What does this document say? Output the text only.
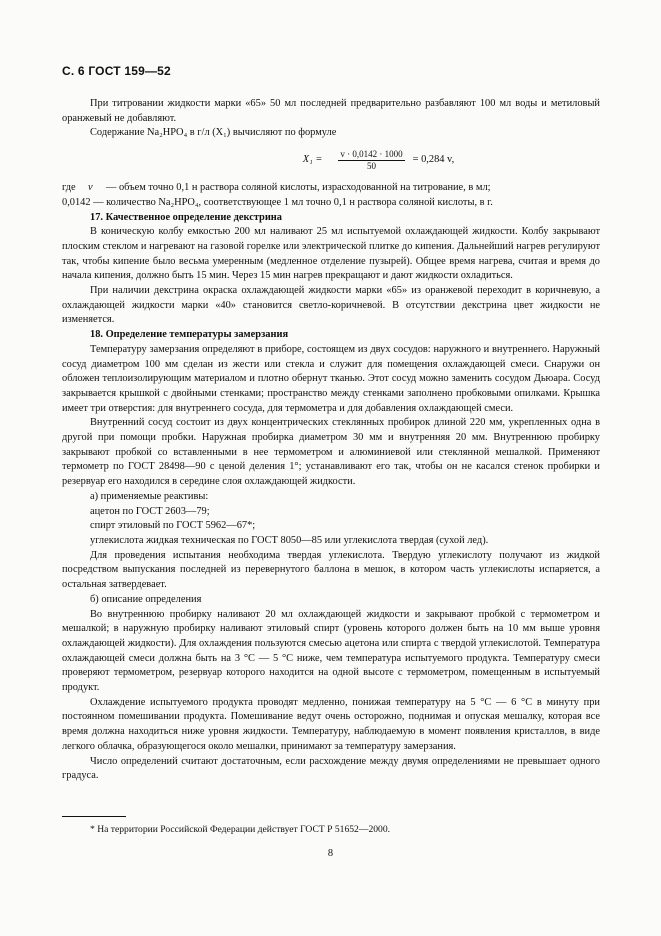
С. 6 ГОСТ 159—52

При титровании жидкости марки «65» 50 мл последней предварительно разбавляют 100 мл воды и метиловый оранжевый не добавляют.

Содержание Na₂HPO₄ в г/л (X₁) вычисляют по формуле

$X_1 = \frac{v \cdot 0,0142 \cdot 1000}{50} = 0,284$ v,
где	v	— объем точно 0,1 н раствора соляной кислоты, израсходованной на титрование, в мл;

0,0142 — количество Na₂HPO₄, соответствующее 1 мл точно 0,1 н раствора соляной кислоты, в г.

17. Качественное определение декстрина

В коническую колбу емкостью 200 мл наливают 25 мл испытуемой охлаждающей жидкости. Колбу закрывают плоским стеклом и нагревают на газовой горелке или электрической плитке до кипения. Дальнейший нагрев регулируют так, чтобы кипение было весьма умеренным (медленное отделение пузырей). Общее время нагрева, считая и время до начала кипения, должно быть 15 мин. Через 15 мин нагрев прекращают и дают жидкости охладиться.

При наличии декстрина окраска охлаждающей жидкости марки «65» из оранжевой переходит в коричневую, а охлаждающей жидкости марки «40» становится светло-коричневой. В отсутствии декстрина цвет жидкости не изменяется.

18. Определение температуры замерзания

Температуру замерзания определяют в приборе, состоящем из двух сосудов: наружного и внутреннего. Наружный сосуд диаметром 100 мм сделан из жести или стекла и служит для помещения охлаждающей смеси. Снаружи он обложен теплоизолирующим материалом и плотно обернут тканью. Этот сосуд можно заменить сосудом Дьюара. Сосуд закрывается крышкой с двойными стенками; пространство между стенками заполнено пробковыми опилками. Крышка имеет три отверстия: для внутреннего сосуда, для термометра и для добавления охлаждающей смеси.

Внутренний сосуд состоит из двух концентрических стеклянных пробирок длиной 220 мм, укрепленных одна в другой при помощи пробки. Наружная пробирка диаметром 30 мм и внутренняя 20 мм. Внутреннюю пробирку закрывают пробкой со вставленными в нее термометром и алюминиевой или стеклянной мешалкой. Применяют термометр по ГОСТ 28498—90 с ценой деления 1°; устанавливают его так, чтобы он не касался стенок пробирки и резервуар его находился в середине слоя охлаждающей жидкости.

а) применяемые реактивы:

ацетон по ГОСТ 2603—79;

спирт этиловый по ГОСТ 5962—67*;

углекислота жидкая техническая по ГОСТ 8050—85 или углекислота твердая (сухой лед).

Для проведения испытания необходима твердая углекислота. Твердую углекислоту получают из жидкой посредством выпускания последней из перевернутого баллона в мешок, в котором часть углекислоты испаряется, а остальная затвердевает.

б) описание определения

Во внутреннюю пробирку наливают 20 мл охлаждающей жидкости и закрывают пробкой с термометром и мешалкой; в наружную пробирку наливают этиловый спирт (уровень которого должен быть на 10 мм выше уровня охлаждающей жидкости). Для охлаждения пользуются смесью ацетона или спирта с твердой углекислотой. Температура охлаждающей смеси должна быть на 3 °С — 5 °С ниже, чем температура испытуемого продукта. Температуру смеси проверяют термометром, резервуар которого находится на одной высоте с термометром, помещенным в испытуемый продукт.

Охлаждение испытуемого продукта проводят медленно, понижая температуру на 5 °С — 6 °С в минуту при постоянном помешивании продукта. Помешивание ведут очень осторожно, поднимая и опуская мешалку, которая все время должна находиться ниже уровня жидкости. Температуру, наблюдаемую в момент появления кристаллов, в виде легкого облачка, образующегося около мешалки, принимают за температуру замерзания.

Число определений считают достаточным, если расхождение между двумя определениями не превышает одного градуса.

* На территории Российской Федерации действует ГОСТ Р 51652—2000.
8
